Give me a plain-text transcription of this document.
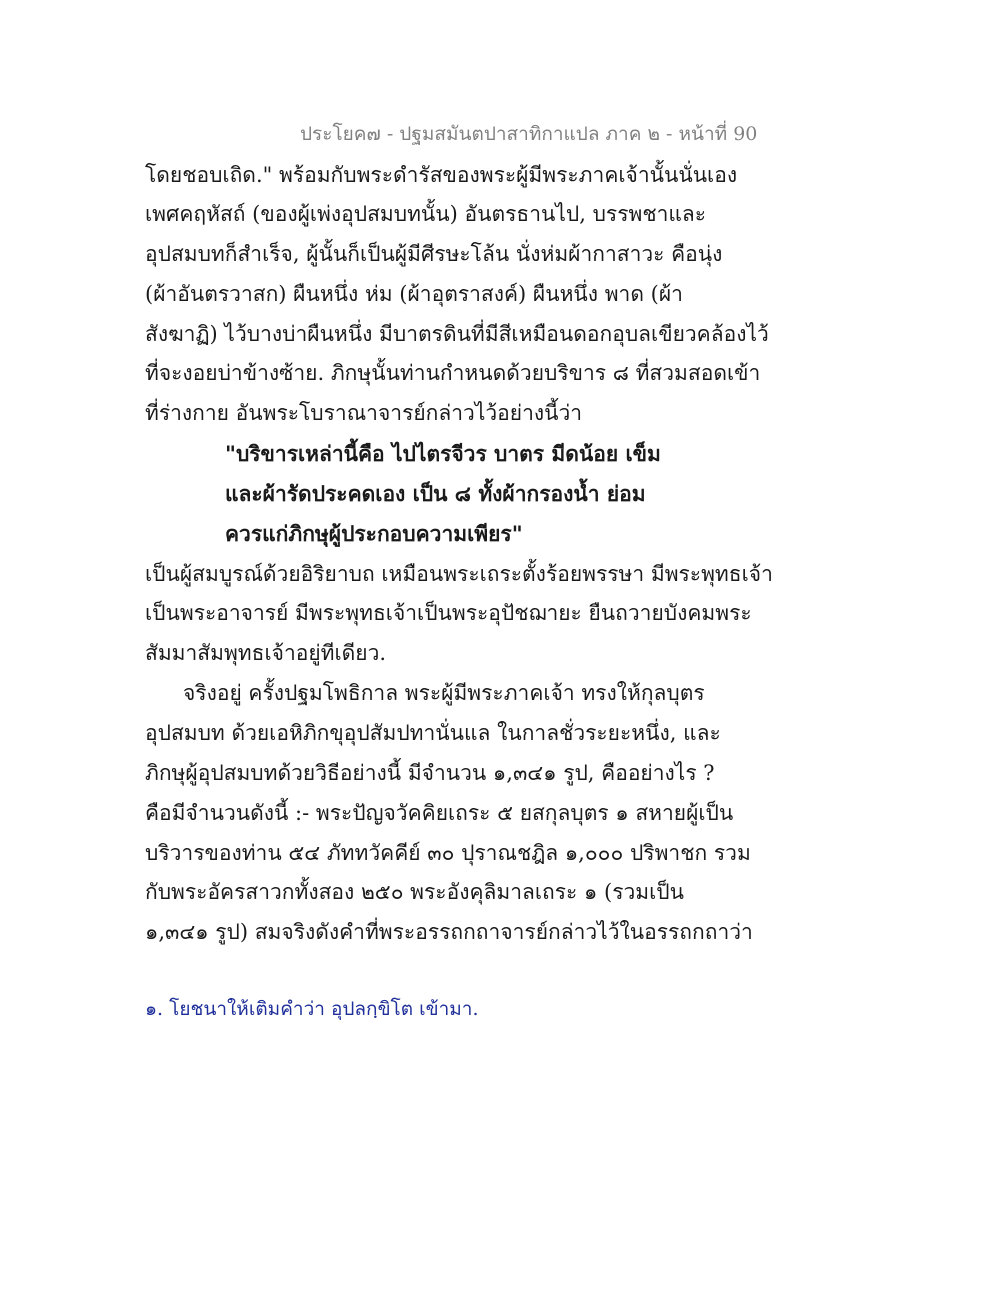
ประโยค๗ - ปฐมสมันตปาสาทิกาแปล ภาค ๒ - หน้าที่ 90
โดยชอบเถิด." พร้อมกับพระดำรัสของพระผู้มีพระภาคเจ้านั้นนั่นเอง
เพศคฤหัสถ์ (ของผู้เพ่งอุปสมบทนั้น) อันตรธานไป, บรรพชาและ
อุปสมบทก็สำเร็จ, ผู้นั้นก็เป็นผู้มีศีรษะโล้น นั่งห่มผ้ากาสาวะ คือนุ่ง
(ผ้าอันตรวาสก) ผืนหนึ่ง ห่ม (ผ้าอุตราสงค์) ผืนหนึ่ง พาด (ผ้า
สังฆาฏิ) ไว้บางบ่าผืนหนึ่ง มีบาตรดินที่มีสีเหมือนดอกอุบลเขียวคล้องไว้
ที่จะงอยบ่าข้างซ้าย. ภิกษุนั้นท่านกำหนดด้วยบริขาร ๘ ที่สวมสอดเข้า
ที่ร่างกาย อันพระโบราณาจารย์กล่าวไว้อย่างนี้ว่า
"บริขารเหล่านี้คือ ไปไตรจีวร บาตร มีดน้อย เข็ม
และผ้ารัดประคดเอง เป็น ๘ ทั้งผ้ากรองน้ำ ย่อม
ควรแก่ภิกษุผู้ประกอบความเพียร"
เป็นผู้สมบูรณ์ด้วยอิริยาบถ เหมือนพระเถระตั้งร้อยพรรษา มีพระพุทธเจ้า
เป็นพระอาจารย์ มีพระพุทธเจ้าเป็นพระอุปัชฌายะ ยืนถวายบังคมพระ
สัมมาสัมพุทธเจ้าอยู่ทีเดียว.
จริงอยู่ ครั้งปฐมโพธิกาล พระผู้มีพระภาคเจ้า ทรงให้กุลบุตร
อุปสมบท ด้วยเอหิภิกขุอุปสัมปทานั่นแล ในกาลชั่วระยะหนึ่ง, และ
ภิกษุผู้อุปสมบทด้วยวิธีอย่างนี้ มีจำนวน ๑,๓๔๑ รูป, คืออย่างไร ?
คือมีจำนวนดังนี้ :- พระปัญจวัคคิยเถระ ๕ ยสกุลบุตร ๑ สหายผู้เป็น
บริวารของท่าน ๕๔ ภัททวัคคีย์ ๓๐ ปุราณชฎิล ๑,๐๐๐ ปริพาชก รวม
กับพระอัครสาวกทั้งสอง ๒๕๐ พระอังคุลิมาลเถระ ๑ (รวมเป็น
๑,๓๔๑ รูป) สมจริงดังคำที่พระอรรถกถาจารย์กล่าวไว้ในอรรถกถาว่า
๑. โยชนาให้เติมคำว่า อุปลกฺขิโต เข้ามา.
